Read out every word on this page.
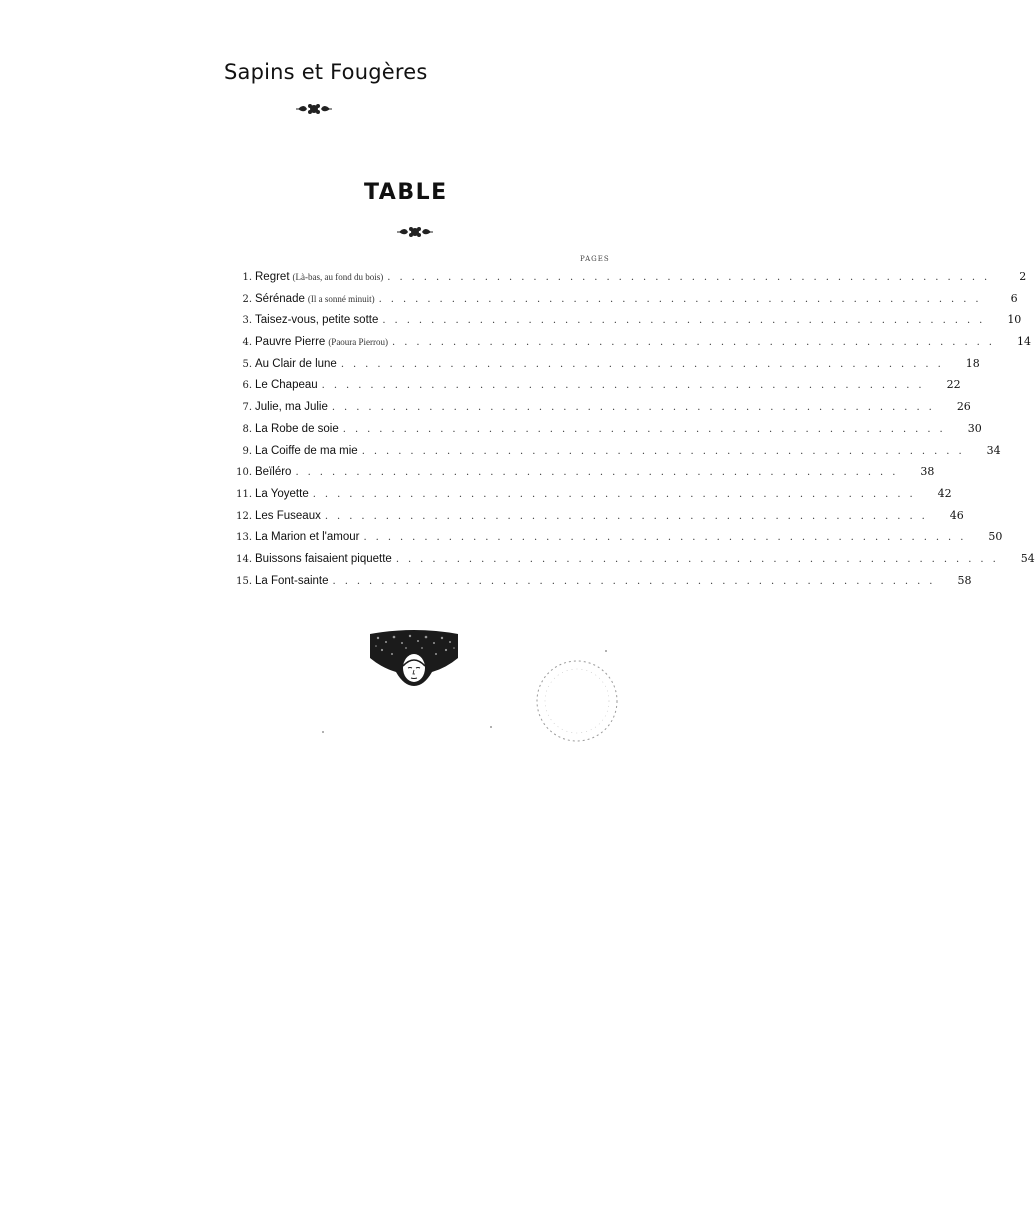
Sapins et Fougères
TABLE
PAGES
1. Regret (Là-bas, au fond du bois) ..................................................	2
2. Sérénade (Il a sonné minuit) ..................................................	6
3. Taisez-vous, petite sotte ..................................................	10
4. Pauvre Pierre (Paoura Pierrou) ..................................................	14
5. Au Clair de lune ..................................................	18
6. Le Chapeau ..................................................	22
7. Julie, ma Julie ..................................................	26
8. La Robe de soie ..................................................	30
9. La Coiffe de ma mie ..................................................	34
10. Beïléro ..................................................	38
11. La Yoyette ..................................................	42
12. Les Fuseaux ..................................................	46
13. La Marion et l'amour ..................................................	50
14. Buissons faisaient piquette ..................................................	54
15. La Font-sainte ..................................................	58
